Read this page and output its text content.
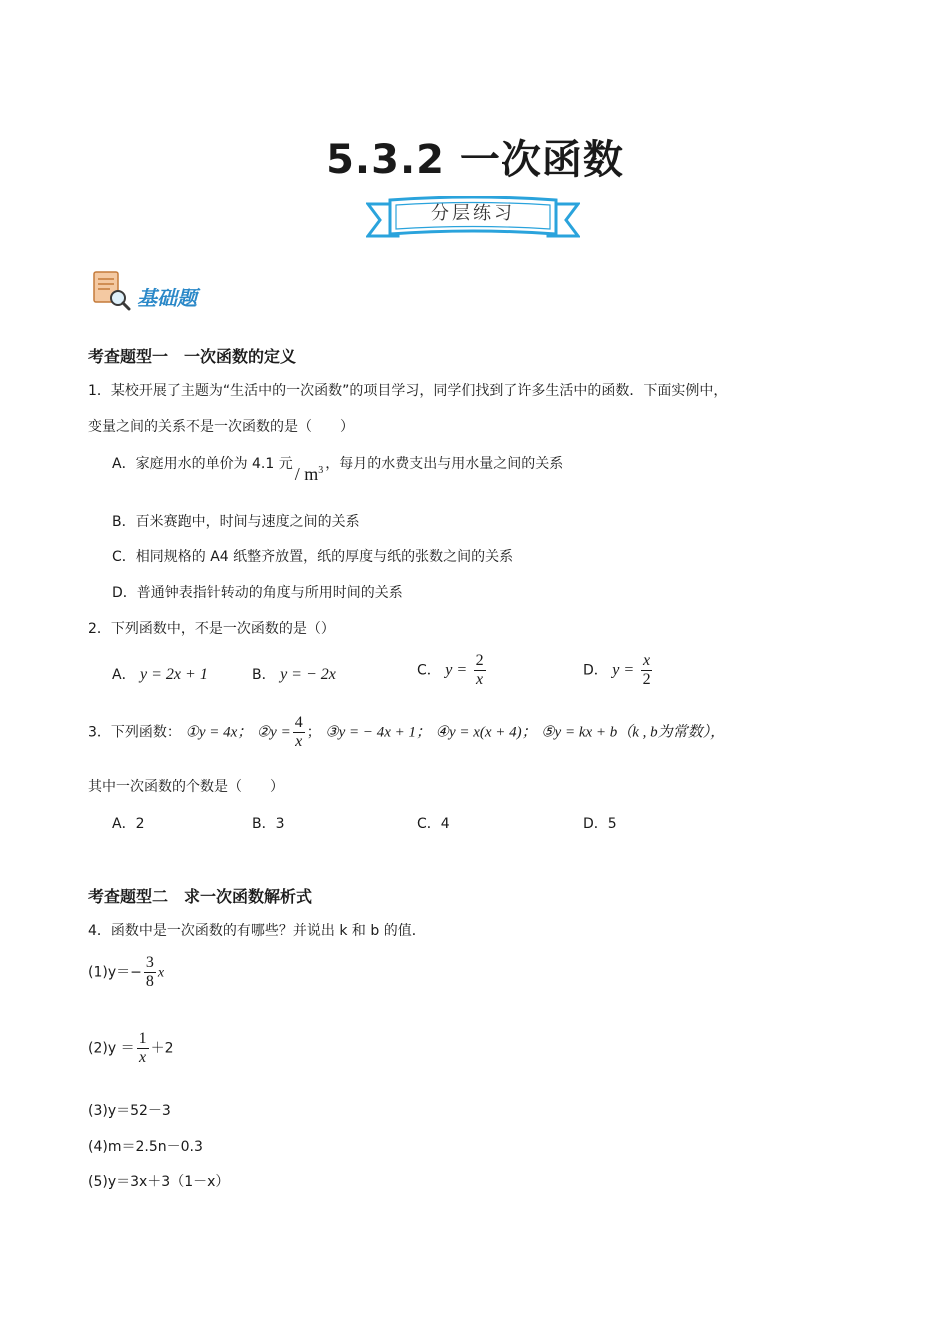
5.3.2 一次函数
分层练习
基础题
考查题型一　一次函数的定义
1．某校开展了主题为“生活中的一次函数”的项目学习，同学们找到了许多生活中的函数．下面实例中，
变量之间的关系不是一次函数的是（　　）
A．家庭用水的单价为 4.1 元 / $m^3$ ，每月的水费支出与用水量之间的关系
B．百米赛跑中，时间与速度之间的关系
C．相同规格的 A4 纸整齐放置，纸的厚度与纸的张数之间的关系
D．普通钟表指针转动的角度与所用时间的关系
2．下列函数中，不是一次函数的是（）
A． y = 2x + 1	B． y = − 2x	C． $y = \frac{2}{x}$	D． $y = \frac{x}{2}$
3．下列函数： ①y = 4x； ②y = $\frac{4}{x}$ ； ③y = − 4x + 1； ④y = x(x + 4)； ⑤y = kx + b（k , b为常数），
其中一次函数的个数是（　　）
A．2	B．3	C．4	D．5
考查题型二　求一次函数解析式
4．函数中是一次函数的有哪些？并说出 k 和 b 的值．
$(1)y=- \frac{3}{8}$ x
$(2)y = \frac{1}{x} +2$
(3)y＝52－3
(4)m＝2.5n－0.3
(5)y＝3x＋3（1－x）
